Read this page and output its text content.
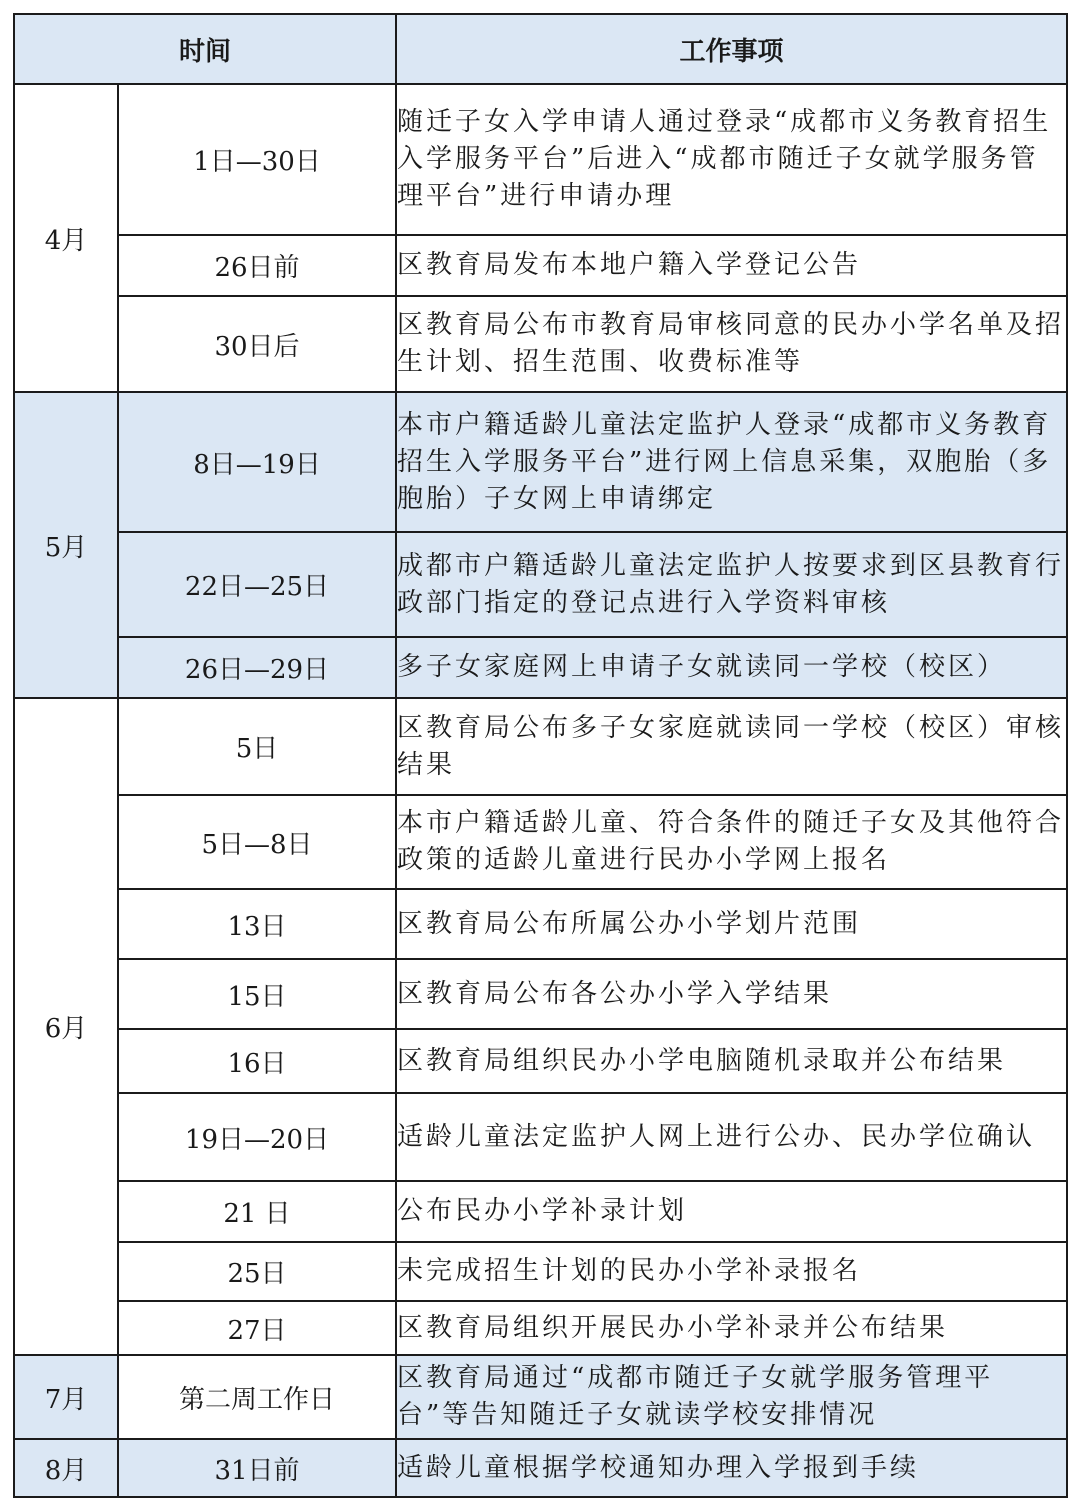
时间		工作事项
4月	1日—30日	随迁子女入学申请人通过登录“成都市义务教育招生入学服务平台”后进入“成都市随迁子女就学服务管理平台”进行申请办理
	26日前	区教育局发布本地户籍入学登记公告
	30日后	区教育局公布市教育局审核同意的民办小学名单及招生计划、招生范围、收费标准等
5月	8日—19日	本市户籍适龄儿童法定监护人登录“成都市义务教育招生入学服务平台”进行网上信息采集，双胞胎（多胞胎）子女网上申请绑定
	22日—25日	成都市户籍适龄儿童法定监护人按要求到区县教育行政部门指定的登记点进行入学资料审核
	26日—29日	多子女家庭网上申请子女就读同一学校（校区）
6月	5日	区教育局公布多子女家庭就读同一学校（校区）审核结果
	5日—8日	本市户籍适龄儿童、符合条件的随迁子女及其他符合政策的适龄儿童进行民办小学网上报名
	13日	区教育局公布所属公办小学划片范围
	15日	区教育局公布各公办小学入学结果
	16日	区教育局组织民办小学电脑随机录取并公布结果
	19日—20日	适龄儿童法定监护人网上进行公办、民办学位确认
	21 日	公布民办小学补录计划
	25日	未完成招生计划的民办小学补录报名
	27日	区教育局组织开展民办小学补录并公布结果
7月	第二周工作日	区教育局通过“成都市随迁子女就学服务管理平台”等告知随迁子女就读学校安排情况
8月	31日前	适龄儿童根据学校通知办理入学报到手续
